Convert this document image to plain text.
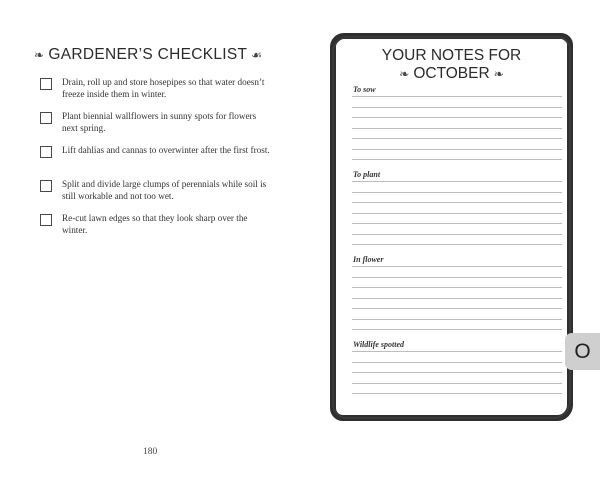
❧ GARDENER’S CHECKLIST ☙
Drain, roll up and store hosepipes so that water doesn’t freeze inside them in winter.
Plant biennial wallflowers in sunny spots for flowers next spring.
Lift dahlias and cannas to overwinter after the first frost.
Split and divide large clumps of perennials while soil is still workable and not too wet.
Re-cut lawn edges so that they look sharp over the winter.
180
YOUR NOTES FOR
❧ OCTOBER ❧
To sow
To plant
In flower
Wildlife spotted	O
